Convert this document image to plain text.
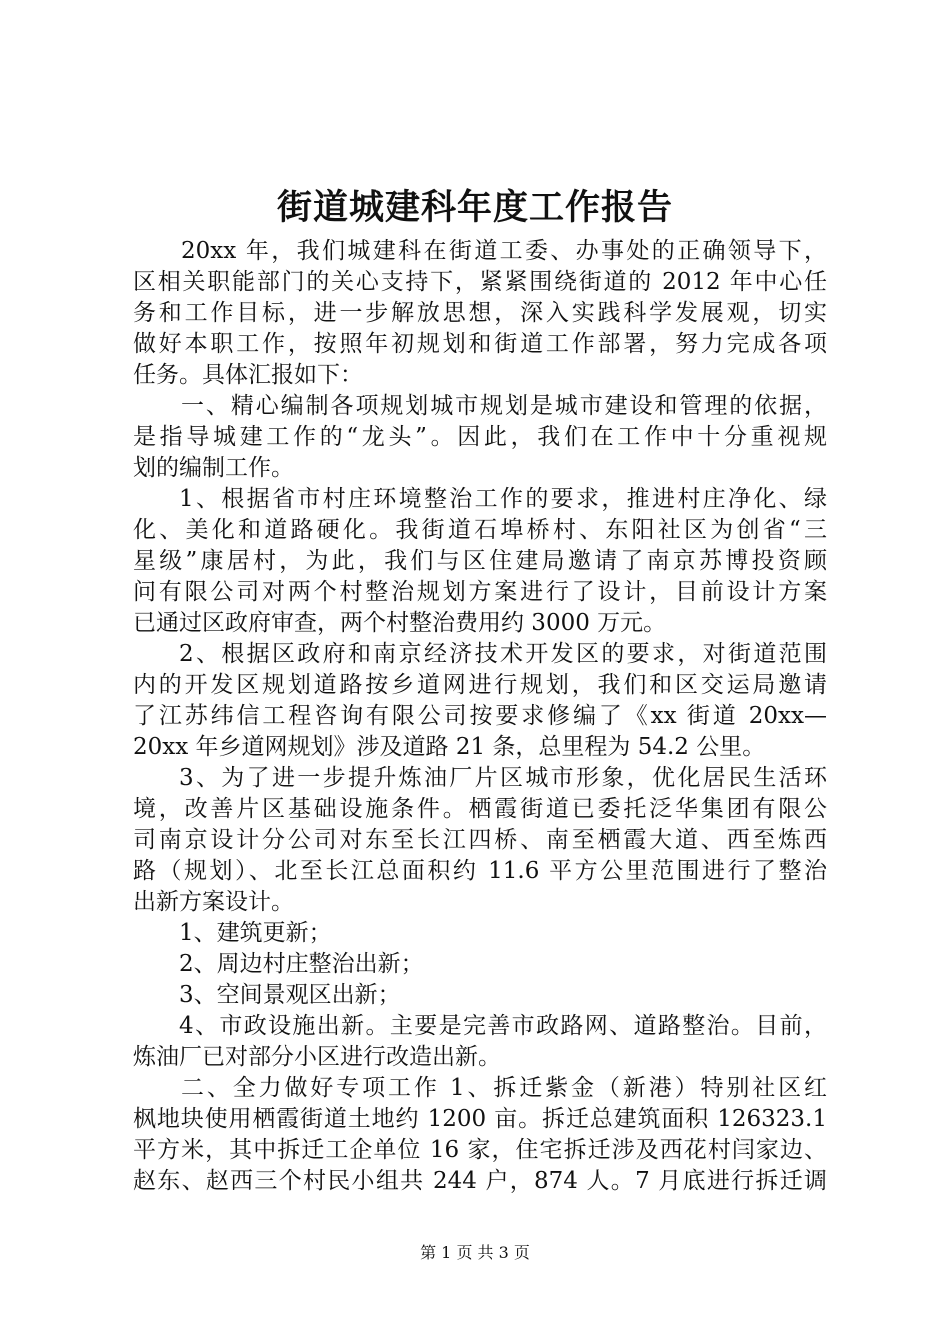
街道城建科年度工作报告
20xx 年，我们城建科在街道工委、办事处的正确领导下，
区相关职能部门的关心支持下，紧紧围绕街道的 2012 年中心任
务和工作目标，进一步解放思想，深入实践科学发展观，切实
做好本职工作，按照年初规划和街道工作部署，努力完成各项
任务。具体汇报如下：
一、精心编制各项规划城市规划是城市建设和管理的依据，
是指导城建工作的“龙头”。因此，我们在工作中十分重视规
划的编制工作。
1、根据省市村庄环境整治工作的要求，推进村庄净化、绿
化、美化和道路硬化。我街道石埠桥村、东阳社区为创省“三
星级”康居村，为此，我们与区住建局邀请了南京苏博投资顾
问有限公司对两个村整治规划方案进行了设计，目前设计方案
已通过区政府审查，两个村整治费用约 3000 万元。
2、根据区政府和南京经济技术开发区的要求，对街道范围
内的开发区规划道路按乡道网进行规划，我们和区交运局邀请
了江苏纬信工程咨询有限公司按要求修编了《xx 街道 20xx—
20xx 年乡道网规划》涉及道路 21 条，总里程为 54.2 公里。
3、为了进一步提升炼油厂片区城市形象，优化居民生活环
境，改善片区基础设施条件。栖霞街道已委托泛华集团有限公
司南京设计分公司对东至长江四桥、南至栖霞大道、西至炼西
路（规划）、北至长江总面积约 11.6 平方公里范围进行了整治
出新方案设计。
1、建筑更新；
2、周边村庄整治出新；
3、空间景观区出新；
4、市政设施出新。主要是完善市政路网、道路整治。目前，
炼油厂已对部分小区进行改造出新。
二、全力做好专项工作 1、拆迁紫金（新港）特别社区红
枫地块使用栖霞街道土地约 1200 亩。拆迁总建筑面积 126323.1
平方米，其中拆迁工企单位 16 家，住宅拆迁涉及西花村闫家边、
赵东、赵西三个村民小组共 244 户，874 人。7 月底进行拆迁调
第 1 页 共 3 页
